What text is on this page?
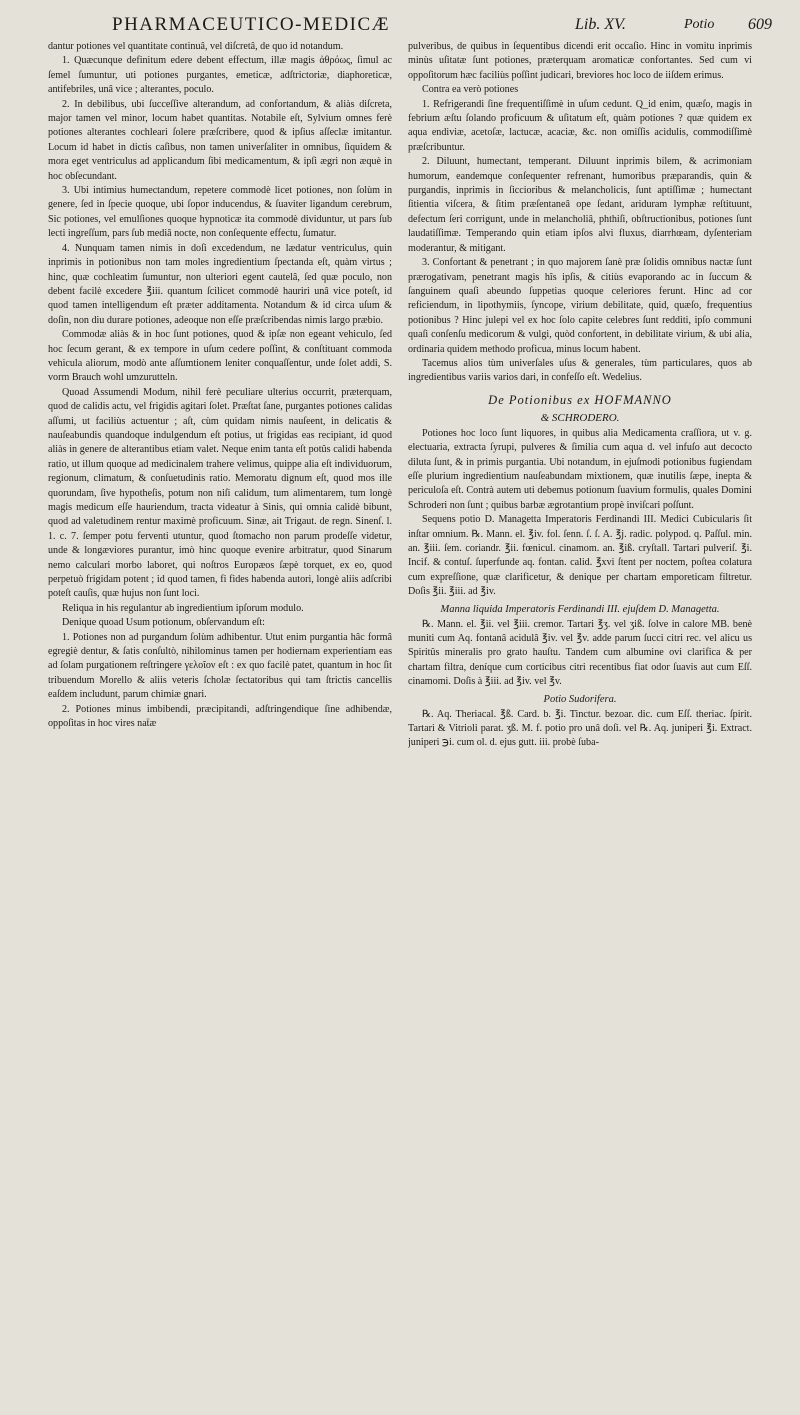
PHARMACEUTICO-MEDICÆ	Lib. XV.	Potio 609

dantur potiones vel quantitate continuâ, vel diſcretâ, de quo id notandum.

1. Quæcunque definitum edere debent effectum, illæ magis ἀθρόως, ſimul ac ſemel ſumuntur, uti potiones purgantes, emeticæ, adſtrictoriæ, diaphoreticæ, antifebriles, unâ vice ; alterantes, poculo.

2. In debilibus, ubi ſucceſſive alterandum, ad confortandum, & aliàs diſcreta, major tamen vel minor, locum habet quantitas. Notabile eſt, Sylvium omnes ferè potiones alterantes cochleari ſolere præſcribere, quod & ipſius aſſeclæ imitantur. Locum id habet in dictis caſibus, non tamen univerſaliter in omnibus, ſiquidem & mora eget ventriculus ad applicandum ſibi medicamentum, & ipſi ægri non æquè in hoc obſecundant.

3. Ubi intimius humectandum, repetere commodè licet potiones, non ſolùm in genere, ſed in ſpecie quoque, ubi ſopor inducendus, & ſuaviter ligandum cerebrum, Sic potiones, vel emulſiones quoque hypnoticæ ita commodè dividuntur, ut pars ſub lecti ingreſſum, pars ſub mediâ nocte, non conſequente effectu, ſumatur.

4. Nunquam tamen nimis in doſi excedendum, ne lædatur ventriculus, quin inprimis in potionibus non tam moles ingredientium ſpectanda eſt, quàm virtus ; hinc, quæ cochleatim ſumuntur, non ulteriori egent cautelâ, ſed quæ poculo, non debent facilè excedere ℥iii. quantum ſcilicet commodè hauriri unâ vice poteſt, id quod tamen intelligendum eſt præter additamenta. Notandum & id circa uſum & doſin, non diu durare potiones, adeoque non eſſe præſcribendas nimis largo præbio.

Commodæ aliàs & in hoc ſunt potiones, quod & ipſæ non egeant vehiculo, ſed hoc ſecum gerant, & ex tempore in uſum cedere poſſint, & conſtituant commoda vehicula aliorum, modò ante aſſumtionem leniter conquaſſentur, unde ſolet addi, S. vorm Brauch wohl umzurutteln.

Quoad Assumendi Modum, nihil ferè peculiare ulterius occurrit, præterquam, quod de calidis actu, vel frigidis agitari ſolet. Præſtat ſane, purgantes potiones calidas aſſumi, ut faciliùs actuentur ; aſt, cùm quidam nimis nauſeent, in delicatis & nauſeabundis quandoque indulgendum eſt potius, ut frigidas eas recipiant, id quod aliàs in genere de alterantibus etiam valet. Neque enim tanta eſt potûs calidi habenda ratio, ut illum quoque ad medicinalem trahere velimus, quippe alia eſt individuorum, regionum, climatum, & conſuetudinis ratio. Memoratu dignum eſt, quod mos ille quorundam, ſive hypotheſis, potum non niſi calidum, tum alimentarem, tum longè magis medicum eſſe hauriendum, tracta videatur à Sinis, qui omnia calidè bibunt, quod ad valetudinem rentur maximè proficuum. Sinæ, ait Trigaut. de regn. Sinenſ. l. 1. c. 7. ſemper potu ferventi utuntur, quod ſtomacho non parum prodeſſe videtur, unde & longæviores purantur, imò hinc quoque evenire arbitratur, quod Sinarum nemo calculari morbo laboret, qui noſtros Europæos ſæpè torquet, ex eo, quod perpetuò frigidam potent ; id quod tamen, fi fides habenda autori, longè aliis adſcribi poteſt cauſis, quæ hujus non ſunt loci.

Reliqua in his regulantur ab ingredientium ipſorum modulo.

Denique quoad Usum potionum, obſervandum eſt:

1. Potiones non ad purgandum ſolùm adhibentur. Utut enim purgantia hâc formâ egregiè dentur, & ſatis conſultò, nihilominus tamen per hodiernam experientiam eas ad ſolam purgationem reſtringere γελοῖον eſt : ex quo facilè patet, quantum in hoc ſit tribuendum Morello & aliis veteris ſcholæ ſectatoribus qui tam ſtrictis cancellis eaſdem includunt, parum chimiæ gnari.

2. Potiones minus imbibendi, præcipitandi, adſtringendique ſine adhibendæ, oppoſitas in hoc vires naẗæ

pulveribus, de quibus in ſequentibus dicendi erit occaſio. Hinc in vomitu inprimis minùs uſitatæ ſunt potiones, præterquam aromaticæ confortantes. Sed cum vi oppoſitorum hæc faciliùs poſſint judicari, breviores hoc loco de iiſdem erimus.

Contra ea verò potiones

1. Refrigerandi ſine frequentiſſimè in uſum cedunt. Q_id enim, quæſo, magis in febrium æſtu ſolando proficuum & uſitatum eſt, quàm potiones ? quæ quidem ex aqua endiviæ, acetoſæ, lactucæ, acaciæ, &c. non omiſſis acidulis, commodiſſimè præſcribuntur.

2. Diluunt, humectant, temperant. Diluunt inprimis bilem, & acrimoniam humorum, eandemque conſequenter refrenant, humoribus præparandis, quin & purgandis, inprimis in ſiccioribus & melancholicis, ſunt aptiſſimæ ; humectant ſitientia viſcera, & ſitim præſentaneâ ope ſedant, ariduram lymphæ reſtituunt, defectum ſeri corrigunt, unde in melancholiâ, phthiſi, obſtructionibus, potiones ſunt laudatiſſimæ. Temperando quin etiam ipſos alvi fluxus, diarrhœam, dyſenteriam moderantur, & mitigant.

3. Confortant & penetrant ; in quo majorem ſanè præ ſolidis omnibus nactæ ſunt prærogativam, penetrant magis hîs ipſis, & citiùs evaporando ac in ſuccum & ſanguinem quaſi abeundo ſuppetias quoque celeriores ferunt. Hinc ad cor reficiendum, in lipothymiis, ſyncope, virium debilitate, quid, quæſo, frequentius potionibus ? Hinc julepi vel ex hoc ſolo capite celebres ſunt redditi, ipſo communi quaſi conſenſu medicorum & vulgi, quòd confortent, in debilitate virium, & ubi alia, ordinaria quidem methodo proficua, minus locum habent.

Tacemus alios tùm univerſales uſus & generales, tùm particulares, quos ab ingredientibus variis varios dari, in confeſſo eſt. Wedelius.

De Potionibus ex HOFMANNO
& SCHRODERO.

Potiones hoc loco ſunt liquores, in quibus alia Medicamenta craſſiora, ut v. g. electuaria, extracta ſyrupi, pulveres & ſimilia cum aqua d. vel infuſo aut decocto diluta ſunt, & in primis purgantia. Ubi notandum, in ejuſmodi potionibus fugiendam eſſe plurium ingredientium nauſeabundam mixtionem, quæ inutilis ſæpe, inepta & periculoſa eſt. Contrà autem uti debemus potionum ſuavium formulis, quales Domini Schroderi non ſunt ; quibus barbæ ægrotantium propè inviſcari poſſunt.

Sequens potio D. Managetta Imperatoris Ferdinandi III. Medici Cubicularis ſit inſtar omnium. ℞. Mann. el. ℥iv. fol. ſenn. ſ. ſ. A. ℥j. radic. polypod. q. Paſſul. min. an. ℥iii. ſem. coriandr. ℥ii. fœnicul. cinamom. an. ℥iß. cryſtall. Tartari pulveriſ. ℥i. Incif. & contuſ. ſuperfunde aq. fontan. calid. ℥xvi ſtent per noctem, poſtea colatura cum expreſſione, quæ clarificetur, & denique per chartam emporeticam filtretur. Doſis ℥ii. ℥iii. ad ℥iv.

Manna liquida Imperatoris Ferdinandi III. ejuſdem D. Managetta.

℞. Mann. el. ℥ii. vel ℥iii. cremor. Tartari ℥ʒ. vel ʒiß. ſolve in calore MB. benè muniti cum Aq. fontanâ acidulâ ℥iv. vel ℥v. adde parum ſucci citri rec. vel alicu us Spiritûs mineralis pro grato hauſtu. Tandem cum albumine ovi clarifica & per chartam filtra, deníque cum corticibus citri recentibus fiat odor ſuavis aut cum Eſſ. cinamomi. Doſis à ℥iii. ad ℥iv. vel ℥v.

Potio Sudorifera.

℞. Aq. Theriacal. ℥ß. Card. b. ℥i. Tinctur. bezoar. dic. cum Eſſ. theriac. ſpirit. Tartari & Vitrioli parat. ʒß. M. f. potio pro unâ doſi. vel ℞. Aq. juniperi ℥i. Extract. juniperi ℈i. cum ol. d. ejus gutt. iii. probè ſuba-
